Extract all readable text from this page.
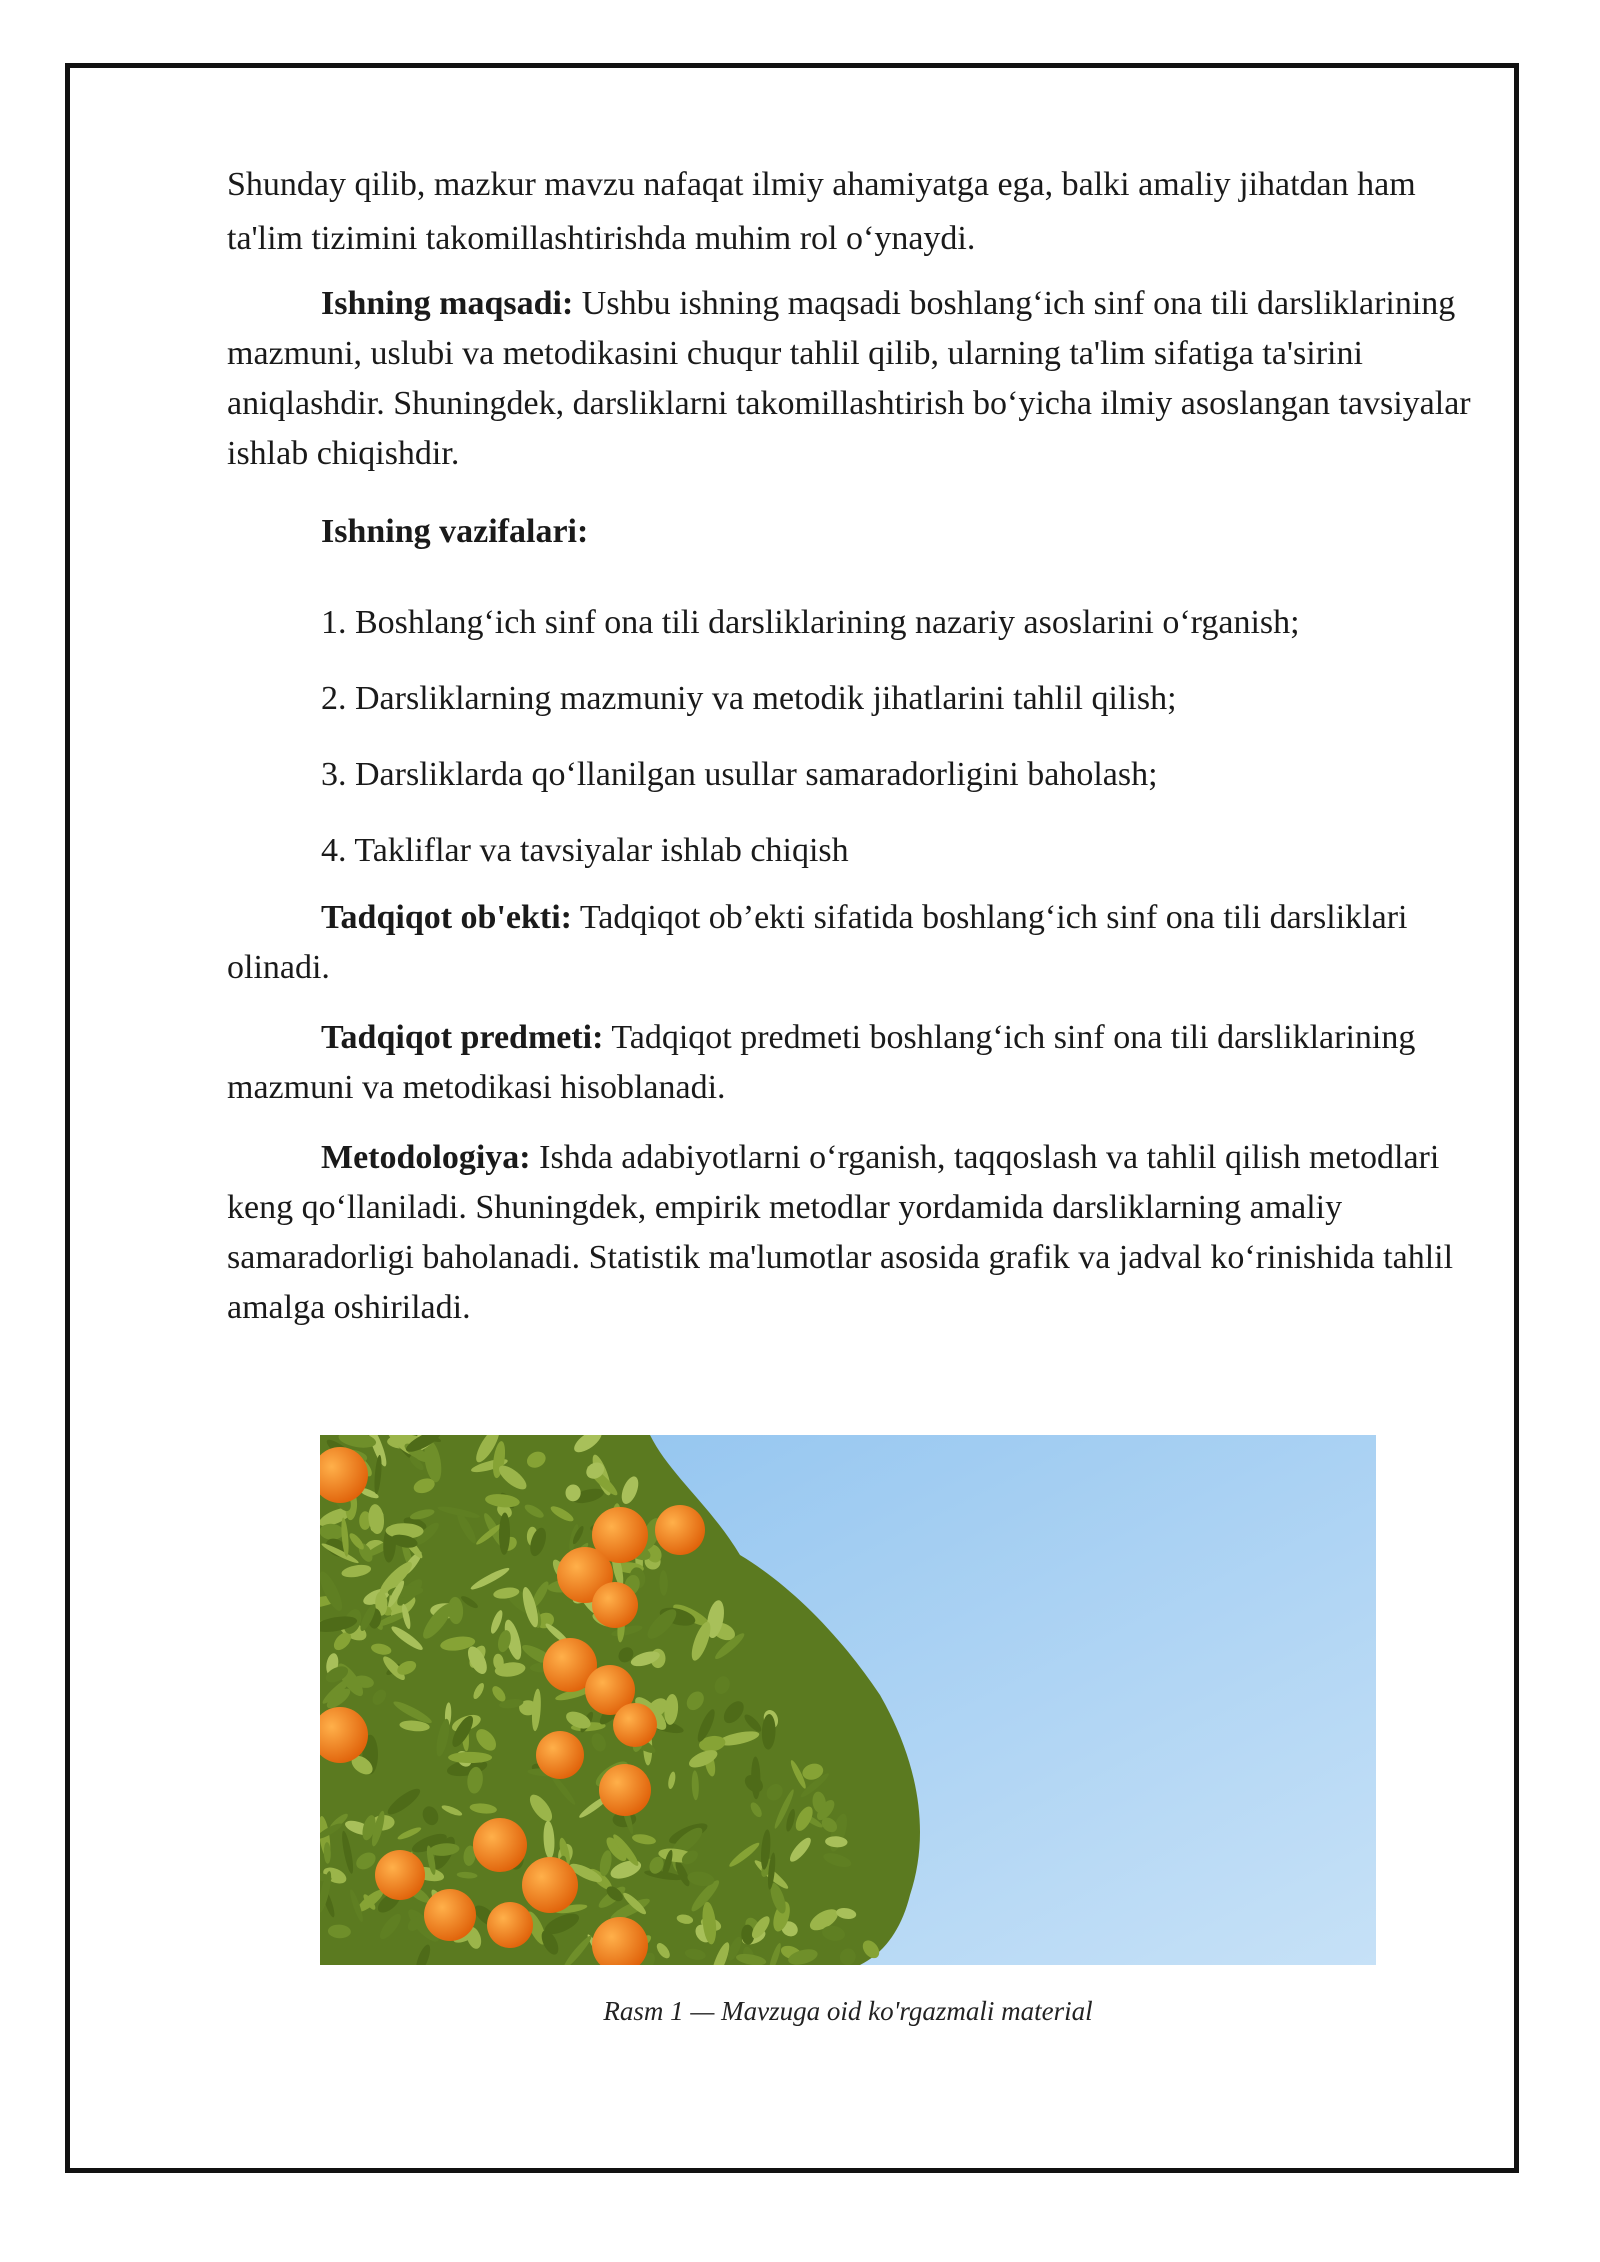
Shunday qilib, mazkur mavzu nafaqat ilmiy ahamiyatga ega, balki amaliy jihatdan ham ta'lim tizimini takomillashtirishda muhim rol o‘ynaydi.

Ishning maqsadi: Ushbu ishning maqsadi boshlang‘ich sinf ona tili darsliklarining mazmuni, uslubi va metodikasini chuqur tahlil qilib, ularning ta'lim sifatiga ta'sirini aniqlashdir. Shuningdek, darsliklarni takomillashtirish bo‘yicha ilmiy asoslangan tavsiyalar ishlab chiqishdir.

Ishning vazifalari:

1. Boshlang‘ich sinf ona tili darsliklarining nazariy asoslarini o‘rganish;

2. Darsliklarning mazmuniy va metodik jihatlarini tahlil qilish;

3. Darsliklarda qo‘llanilgan usullar samaradorligini baholash;

4. Takliflar va tavsiyalar ishlab chiqish

Tadqiqot ob'ekti: Tadqiqot ob’ekti sifatida boshlang‘ich sinf ona tili darsliklari olinadi.

Tadqiqot predmeti: Tadqiqot predmeti boshlang‘ich sinf ona tili darsliklarining mazmuni va metodikasi hisoblanadi.

Metodologiya: Ishda adabiyotlarni o‘rganish, taqqoslash va tahlil qilish metodlari keng qo‘llaniladi. Shuningdek, empirik metodlar yordamida darsliklarning amaliy samaradorligi baholanadi. Statistik ma'lumotlar asosida grafik va jadval ko‘rinishida tahlil amalga oshiriladi.

Rasm 1 — Mavzuga oid ko'rgazmali material
